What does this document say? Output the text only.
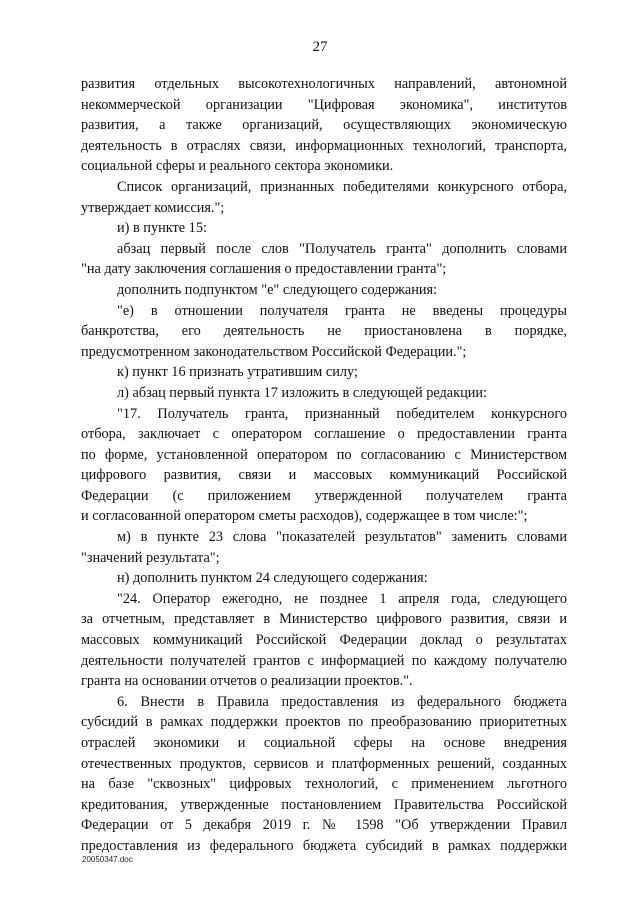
27
развития отдельных высокотехнологичных направлений, автономной
некоммерческой организации "Цифровая экономика", институтов
развития, а также организаций, осуществляющих экономическую
деятельность в отраслях связи, информационных технологий, транспорта,
социальной сферы и реального сектора экономики.
Список организаций, признанных победителями конкурсного отбора,
утверждает комиссия.";
и) в пункте 15:
абзац первый после слов "Получатель гранта" дополнить словами
"на дату заключения соглашения о предоставлении гранта";
дополнить подпунктом "е" следующего содержания:
"е) в отношении получателя гранта не введены процедуры
банкротства, его деятельность не приостановлена в порядке,
предусмотренном законодательством Российской Федерации.";
к) пункт 16 признать утратившим силу;
л) абзац первый пункта 17 изложить в следующей редакции:
"17. Получатель гранта, признанный победителем конкурсного
отбора, заключает с оператором соглашение о предоставлении гранта
по форме, установленной оператором по согласованию с Министерством
цифрового развития, связи и массовых коммуникаций Российской
Федерации (с приложением утвержденной получателем гранта
и согласованной оператором сметы расходов), содержащее в том числе:";
м) в пункте 23 слова "показателей результатов" заменить словами
"значений результата";
н) дополнить пунктом 24 следующего содержания:
"24. Оператор ежегодно, не позднее 1 апреля года, следующего
за отчетным, представляет в Министерство цифрового развития, связи и
массовых коммуникаций Российской Федерации доклад о результатах
деятельности получателей грантов с информацией по каждому получателю
гранта на основании отчетов о реализации проектов.".
6. Внести в Правила предоставления из федерального бюджета
субсидий в рамках поддержки проектов по преобразованию приоритетных
отраслей экономики и социальной сферы на основе внедрения
отечественных продуктов, сервисов и платформенных решений, созданных
на базе "сквозных" цифровых технологий, с применением льготного
кредитования, утвержденные постановлением Правительства Российской
Федерации от 5 декабря 2019 г. № 1598 "Об утверждении Правил
предоставления из федерального бюджета субсидий в рамках поддержки
20050347.doc
